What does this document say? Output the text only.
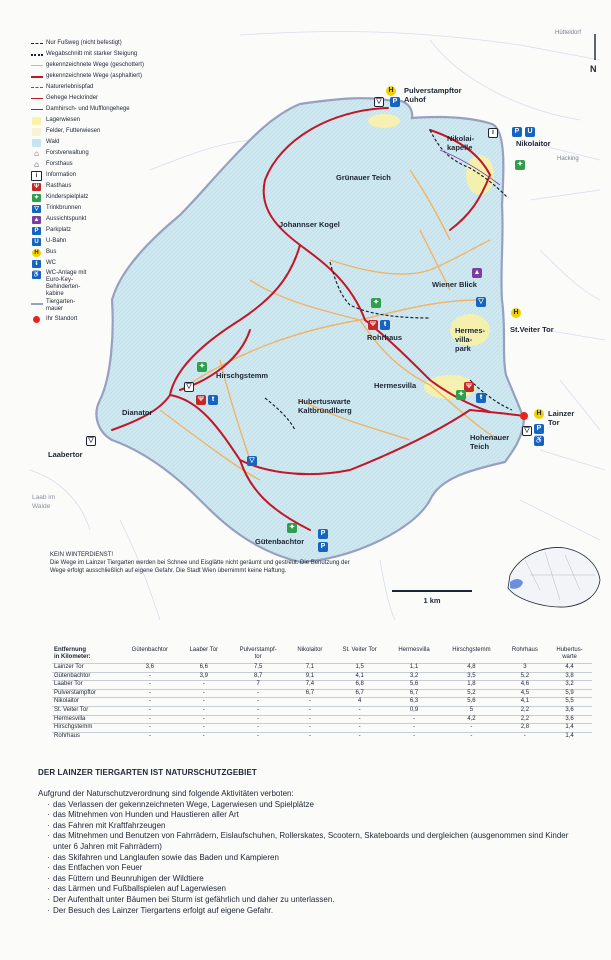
N
Pulverstampftor
Auhof
Nikolaitor
Nikolai-
kapelle
Grünauer Teich
Johannser Kogel
Wiener Blick
St.Veiter Tor
Hermes-
villa-
park
Rohrhaus
Hermesvilla
Hirschgstemm
Hubertuswarte
Kaltbründlberg
Dianator
Laabertor
Lainzer
Tor
Hohenauer
Teich
Gütenbachtor
Laab im
Walde
Hütteldorf
Hacking
H
P
▽
P	U
i
✦
▲
▽
H
✦
Ψ	ŧ
✦
Ψ	ŧ
▽
▽
▽
Ψ
ŧ
✦
H
P
♿
▽
✦
P
P
Nur Fußweg (nicht befestigt)
Wegabschnitt mit starker Steigung
gekennzeichnete Wege (geschottert)
gekennzeichnete Wege (asphaltiert)
Naturerlebnispfad
Gehege Heckrinder
Damhirsch- und Mufflongehege
Lagerwiesen
Felder, Futterwiesen
Wald
⌂ Forstverwaltung
⌂ Forsthaus
i	Information
Ψ	Rasthaus
✦	Kinderspielplatz
▽	Trinkbrunnen
▲ Aussichtspunkt
P	Parkplatz
U	U-Bahn
H	Bus
ŧ	WC
♿ WC-Anlage mit
Euro-Key-
Behinderten-
kabine
Tiergarten-
mauer
Ihr Standort
KEIN WINTERDIENST!
Die Wege im Lainzer Tiergarten werden bei Schnee und Eisglätte nicht geräumt und gestreut. Die Benutzung der Wege erfolgt ausschließlich auf eigene Gefahr. Die Stadt Wien übernimmt keine Haftung.
1 km
Entfernung
in Kilometer:	Gütenbachtor	Laaber Tor	Pulverstampf-
tor	Nikolaitor	St. Veiter Tor	Hermesvilla	Hirschgstemm	Rohrhaus	Hubertus-
warte
Lainzer Tor	3,6	6,6	7,5	7,1	1,5	1,1	4,8	3	4,4
Gütenbachtor	-	3,9	8,7	9,1	4,1	3,2	3,5	5,2	3,8
Laaber Tor	-	-	7	7,4	6,8	5,6	1,8	4,6	3,2
Pulverstampftor	-	-	-	6,7	6,7	6,7	5,2	4,5	5,9
Nikolaitor	-	-	-	-	4	6,3	5,6	4,1	5,5
St. Veiter Tor	-	-	-	-	-	0,9	5	2,2	3,6
Hermesvilla	-	-	-	-	-	-	4,2	2,2	3,6
Hirschgstemm	-	-	-	-	-	-	-	2,8	1,4
Rohrhaus	-	-	-	-	-	-	-	-	1,4
DER LAINZER TIERGARTEN IST NATURSCHUTZGEBIET

Aufgrund der Naturschutzverordnung sind folgende Aktivitäten verboten:

· das Verlassen der gekennzeichneten Wege, Lagerwiesen und Spielplätze
· das Mitnehmen von Hunden und Haustieren aller Art
· das Fahren mit Kraftfahrzeugen
· das Mitnehmen und Benutzen von Fahrrädern, Eislaufschuhen, Rollerskates, Scootern, Skateboards und dergleichen (ausgenommen sind Kinder unter 6 Jahren mit Fahrrädern)
· das Skifahren und Langlaufen sowie das Baden und Kampieren
· das Entfachen von Feuer
· das Füttern und Beunruhigen der Wildtiere
· das Lärmen und Fußballspielen auf Lagerwiesen
· Der Aufenthalt unter Bäumen bei Sturm ist gefährlich und daher zu unterlassen.
· Der Besuch des Lainzer Tiergartens erfolgt auf eigene Gefahr.
